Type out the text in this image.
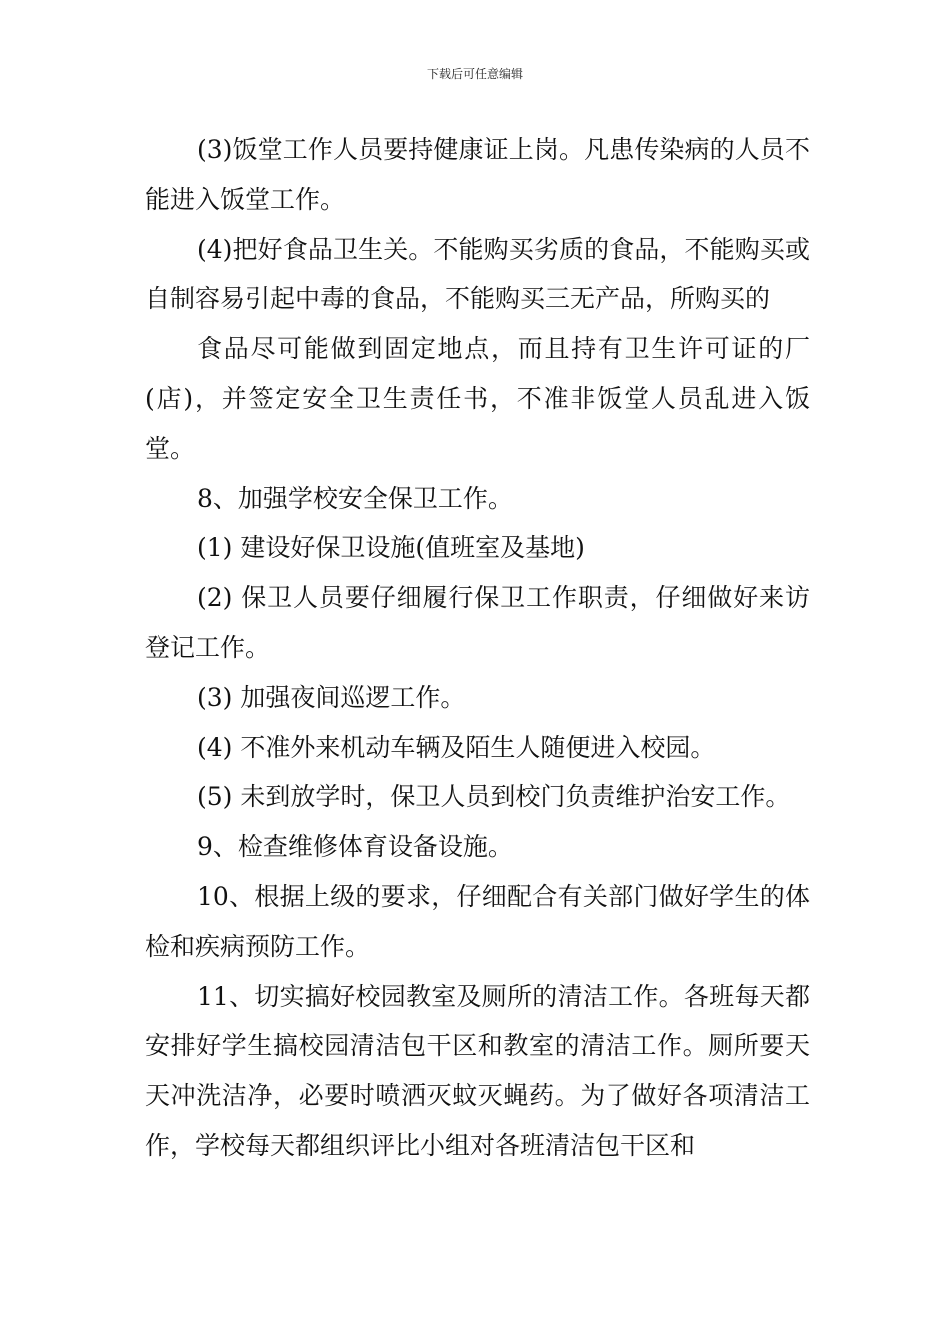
下载后可任意编辑

(3)饭堂工作人员要持健康证上岗。凡患传染病的人员不能进入饭堂工作。

(4)把好食品卫生关。不能购买劣质的食品，不能购买或自制容易引起中毒的食品，不能购买三无产品，所购买的

食品尽可能做到固定地点，而且持有卫生许可证的厂(店)，并签定安全卫生责任书，不准非饭堂人员乱进入饭堂。

8、加强学校安全保卫工作。

(1) 建设好保卫设施(值班室及基地)

(2) 保卫人员要仔细履行保卫工作职责，仔细做好来访登记工作。

(3) 加强夜间巡逻工作。

(4) 不准外来机动车辆及陌生人随便进入校园。

(5) 未到放学时，保卫人员到校门负责维护治安工作。

9、检查维修体育设备设施。

10、根据上级的要求，仔细配合有关部门做好学生的体检和疾病预防工作。

11、切实搞好校园教室及厕所的清洁工作。各班每天都安排好学生搞校园清洁包干区和教室的清洁工作。厕所要天天冲洗洁净，必要时喷洒灭蚊灭蝇药。为了做好各项清洁工作，学校每天都组织评比小组对各班清洁包干区和
